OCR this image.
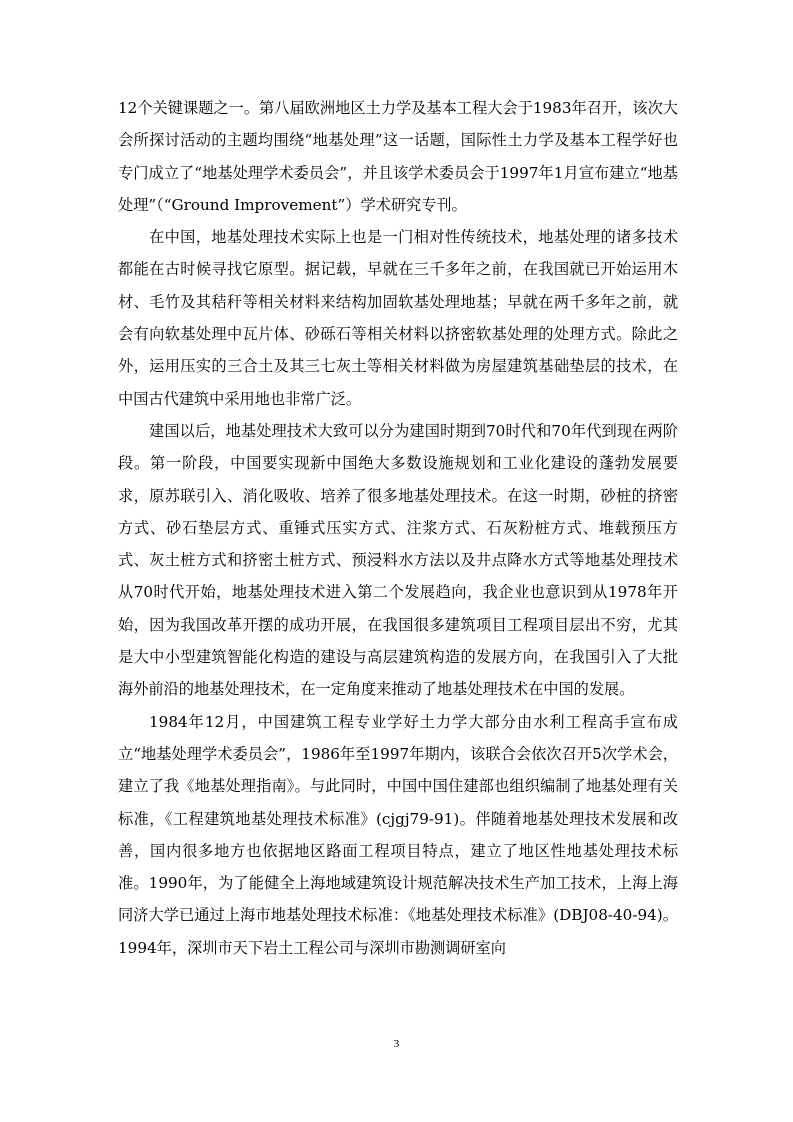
12个关键课题之一。第八届欧洲地区土力学及基本工程大会于1983年召开，该次大会所探讨活动的主题均围绕“地基处理”这一话题，国际性土力学及基本工程学好也专门成立了“地基处理学术委员会”，并且该学术委员会于1997年1月宣布建立“地基处理”（“Ground Improvement”）学术研究专刊。

在中国，地基处理技术实际上也是一门相对性传统技术，地基处理的诸多技术都能在古时候寻找它原型。据记载，早就在三千多年之前，在我国就已开始运用木材、毛竹及其秸秆等相关材料来结构加固软基处理地基；早就在两千多年之前，就会有向软基处理中瓦片体、砂砾石等相关材料以挤密软基处理的处理方式。除此之外，运用压实的三合土及其三七灰土等相关材料做为房屋建筑基础垫层的技术，在中国古代建筑中采用地也非常广泛。

建国以后，地基处理技术大致可以分为建国时期到70时代和70年代到现在两阶段。第一阶段，中国要实现新中国绝大多数设施规划和工业化建设的蓬勃发展要求，原苏联引入、消化吸收、培养了很多地基处理技术。在这一时期，砂桩的挤密方式、砂石垫层方式、重锤式压实方式、注浆方式、石灰粉桩方式、堆载预压方式、灰土桩方式和挤密土桩方式、预浸料水方法以及井点降水方式等地基处理技术从70时代开始，地基处理技术进入第二个发展趋向，我企业也意识到从1978年开始，因为我国改革开摆的成功开展，在我国很多建筑项目工程项目层出不穷，尤其是大中小型建筑智能化构造的建设与高层建筑构造的发展方向，在我国引入了大批海外前沿的地基处理技术，在一定角度来推动了地基处理技术在中国的发展。

1984年12月，中国建筑工程专业学好土力学大部分由水利工程高手宣布成立“地基处理学术委员会”，1986年至1997年期内，该联合会依次召开5次学术会，建立了我《地基处理指南》。与此同时，中国中国住建部也组织编制了地基处理有关标准，《工程建筑地基处理技术标准》(cjgj79-91)。伴随着地基处理技术发展和改善，国内很多地方也依据地区路面工程项目特点，建立了地区性地基处理技术标准。1990年，为了能健全上海地域建筑设计规范解决技术生产加工技术，上海上海同济大学已通过上海市地基处理技术标准：《地基处理技术标准》(DBJ08-40-94)。1994年，深圳市天下岩土工程公司与深圳市勘测调研室向

3
